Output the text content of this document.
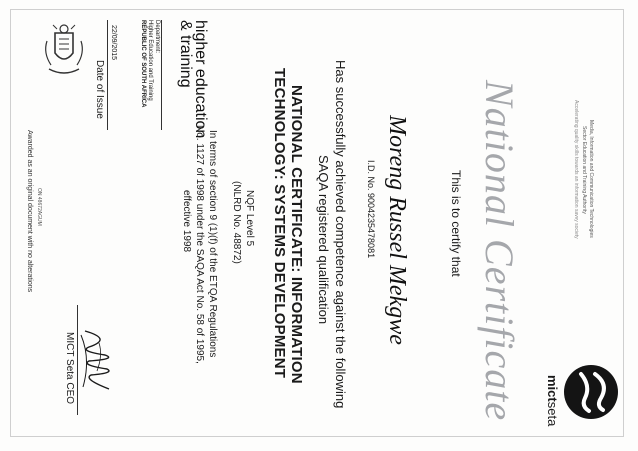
higher education
& training
Department:
Higher Education and Training
REPUBLIC OF SOUTH AFRICA
National Certificate	Media, Information and Communication Technologies
Sector Education and Training Authority
Accelerating quality skills towards an information savvy society
mictseta
This is to certify that
Moreng Russel Mekgwe
I.D. No. 9004235478081
Has successfully achieved competence against the following
SAQA registered qualification
NATIONAL CERTIFICATE: INFORMATION
TECHNOLOGY: SYSTEMS DEVELOPMENT
NQF Level 5
(NLRD No. 48872)
In terms of section 9 (1)(f) of the ETQA Regulations
No. 1127 of 1998 under the SAQA Act No. 58 of 1995,
effective 1998
22/09/2015
Date of Issue
MICT Seta CEO
ON 48672AGUM
Awarded as an original document with no alterations
